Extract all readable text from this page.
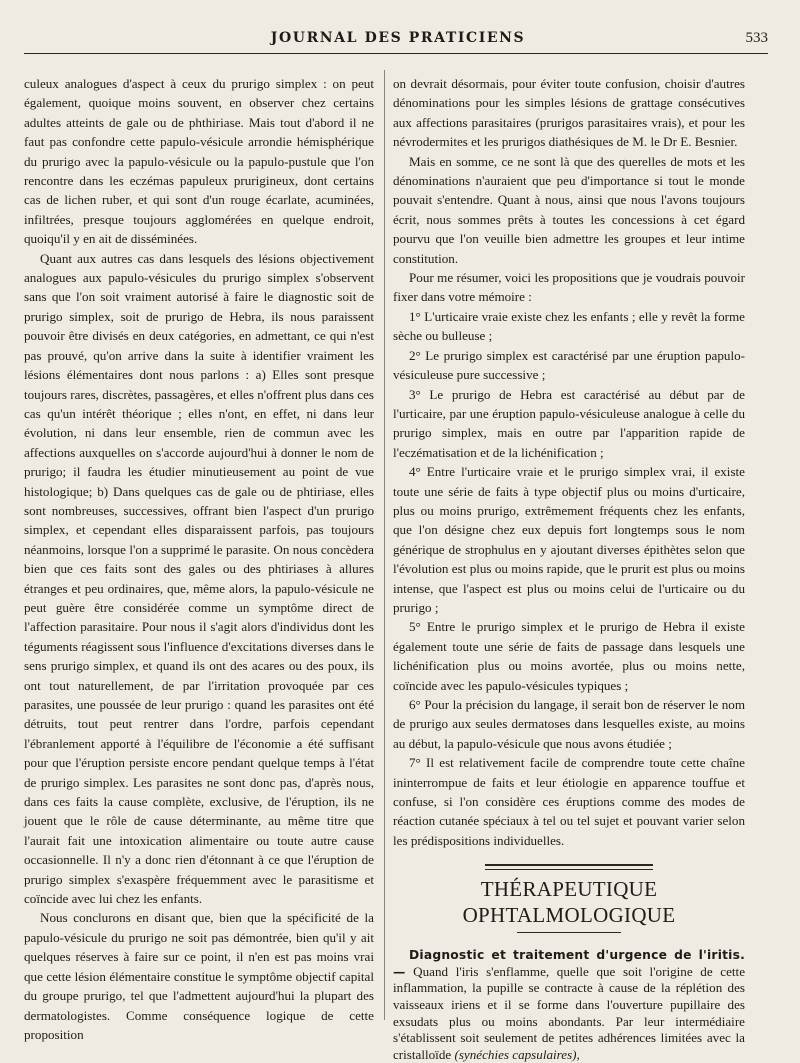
JOURNAL DES PRATICIENS	533

culeux analogues d'aspect à ceux du prurigo simplex : on peut également, quoique moins souvent, en observer chez certains adultes atteints de gale ou de phthiriase. Mais tout d'abord il ne faut pas confondre cette papulo-vésicule arrondie hémisphérique du prurigo avec la papulo-vésicule ou la papulo-pustule que l'on rencontre dans les eczémas papuleux prurigineux, dont certains cas de lichen ruber, et qui sont d'un rouge écarlate, acuminées, infiltrées, presque toujours agglomérées en quelque endroit, quoiqu'il y en ait de disséminées.

Quant aux autres cas dans lesquels des lésions objectivement analogues aux papulo-vésicules du prurigo simplex s'observent sans que l'on soit vraiment autorisé à faire le diagnostic soit de prurigo simplex, soit de prurigo de Hebra, ils nous paraissent pouvoir être divisés en deux catégories, en admettant, ce qui n'est pas prouvé, qu'on arrive dans la suite à identifier vraiment les lésions élémentaires dont nous parlons : a) Elles sont presque toujours rares, discrètes, passagères, et elles n'offrent plus dans ces cas qu'un intérêt théorique ; elles n'ont, en effet, ni dans leur évolution, ni dans leur ensemble, rien de commun avec les affections auxquelles on s'accorde aujourd'hui à donner le nom de prurigo; il faudra les étudier minutieusement au point de vue histologique; b) Dans quelques cas de gale ou de phtiriase, elles sont nombreuses, successives, offrant bien l'aspect d'un prurigo simplex, et cependant elles disparaissent parfois, pas toujours néanmoins, lorsque l'on a supprimé le parasite. On nous concèdera bien que ces faits sont des gales ou des phtiriases à allures étranges et peu ordinaires, que, même alors, la papulo-vésicule ne peut guère être considérée comme un symptôme direct de l'affection parasitaire. Pour nous il s'agit alors d'individus dont les téguments réagissent sous l'influence d'excitations diverses dans le sens prurigo simplex, et quand ils ont des acares ou des poux, ils ont tout naturellement, de par l'irritation provoquée par ces parasites, une poussée de leur prurigo : quand les parasites ont été détruits, tout peut rentrer dans l'ordre, parfois cependant l'ébranlement apporté à l'équilibre de l'économie a été suffisant pour que l'éruption persiste encore pendant quelque temps à l'état de prurigo simplex. Les parasites ne sont donc pas, d'après nous, dans ces faits la cause complète, exclusive, de l'éruption, ils ne jouent que le rôle de cause déterminante, au même titre que l'aurait fait une intoxication alimentaire ou toute autre cause occasionnelle. Il n'y a donc rien d'étonnant à ce que l'éruption de prurigo simplex s'exaspère fréquemment avec le parasitisme et coïncide avec lui chez les enfants.

Nous conclurons en disant que, bien que la spécificité de la papulo-vésicule du prurigo ne soit pas démontrée, bien qu'il y ait quelques réserves à faire sur ce point, il n'en est pas moins vrai que cette lésion élémentaire constitue le symptôme objectif capital du groupe prurigo, tel que l'admettent aujourd'hui la plupart des dermatologistes. Comme conséquence logique de cette proposition

on devrait désormais, pour éviter toute confusion, choisir d'autres dénominations pour les simples lésions de grattage consécutives aux affections parasitaires (prurigos parasitaires vrais), et pour les névrodermites et les prurigos diathésiques de M. le Dr E. Besnier.

Mais en somme, ce ne sont là que des querelles de mots et les dénominations n'auraient que peu d'importance si tout le monde pouvait s'entendre. Quant à nous, ainsi que nous l'avons toujours écrit, nous sommes prêts à toutes les concessions à cet égard pourvu que l'on veuille bien admettre les groupes et leur intime constitution.

Pour me résumer, voici les propositions que je voudrais pouvoir fixer dans votre mémoire :

1° L'urticaire vraie existe chez les enfants ; elle y revêt la forme sèche ou bulleuse ;

2° Le prurigo simplex est caractérisé par une éruption papulo-vésiculeuse pure successive ;

3° Le prurigo de Hebra est caractérisé au début par de l'urticaire, par une éruption papulo-vésiculeuse analogue à celle du prurigo simplex, mais en outre par l'apparition rapide de l'eczématisation et de la lichénification ;

4° Entre l'urticaire vraie et le prurigo simplex vrai, il existe toute une série de faits à type objectif plus ou moins d'urticaire, plus ou moins prurigo, extrêmement fréquents chez les enfants, que l'on désigne chez eux depuis fort longtemps sous le nom générique de strophulus en y ajoutant diverses épithètes selon que l'évolution est plus ou moins rapide, que le prurit est plus ou moins intense, que l'aspect est plus ou moins celui de l'urticaire ou du prurigo ;

5° Entre le prurigo simplex et le prurigo de Hebra il existe également toute une série de faits de passage dans lesquels une lichénification plus ou moins avortée, plus ou moins nette, coïncide avec les papulo-vésicules typiques ;

6° Pour la précision du langage, il serait bon de réserver le nom de prurigo aux seules dermatoses dans lesquelles existe, au moins au début, la papulo-vésicule que nous avons étudiée ;

7° Il est relativement facile de comprendre toute cette chaîne ininterrompue de faits et leur étiologie en apparence touffue et confuse, si l'on considère ces éruptions comme des modes de réaction cutanée spéciaux à tel ou tel sujet et pouvant varier selon les prédispositions individuelles.

THÉRAPEUTIQUE OPHTALMOLOGIQUE

Diagnostic et traitement d'urgence de l'iritis. — Quand l'iris s'enflamme, quelle que soit l'origine de cette inflammation, la pupille se contracte à cause de la réplétion des vaisseaux iriens et il se forme dans l'ouverture pupillaire des exsudats plus ou moins abondants. Par leur intermédiaire s'établissent soit seulement de petites adhérences limitées avec la cristalloïde (synéchies capsulaires),
